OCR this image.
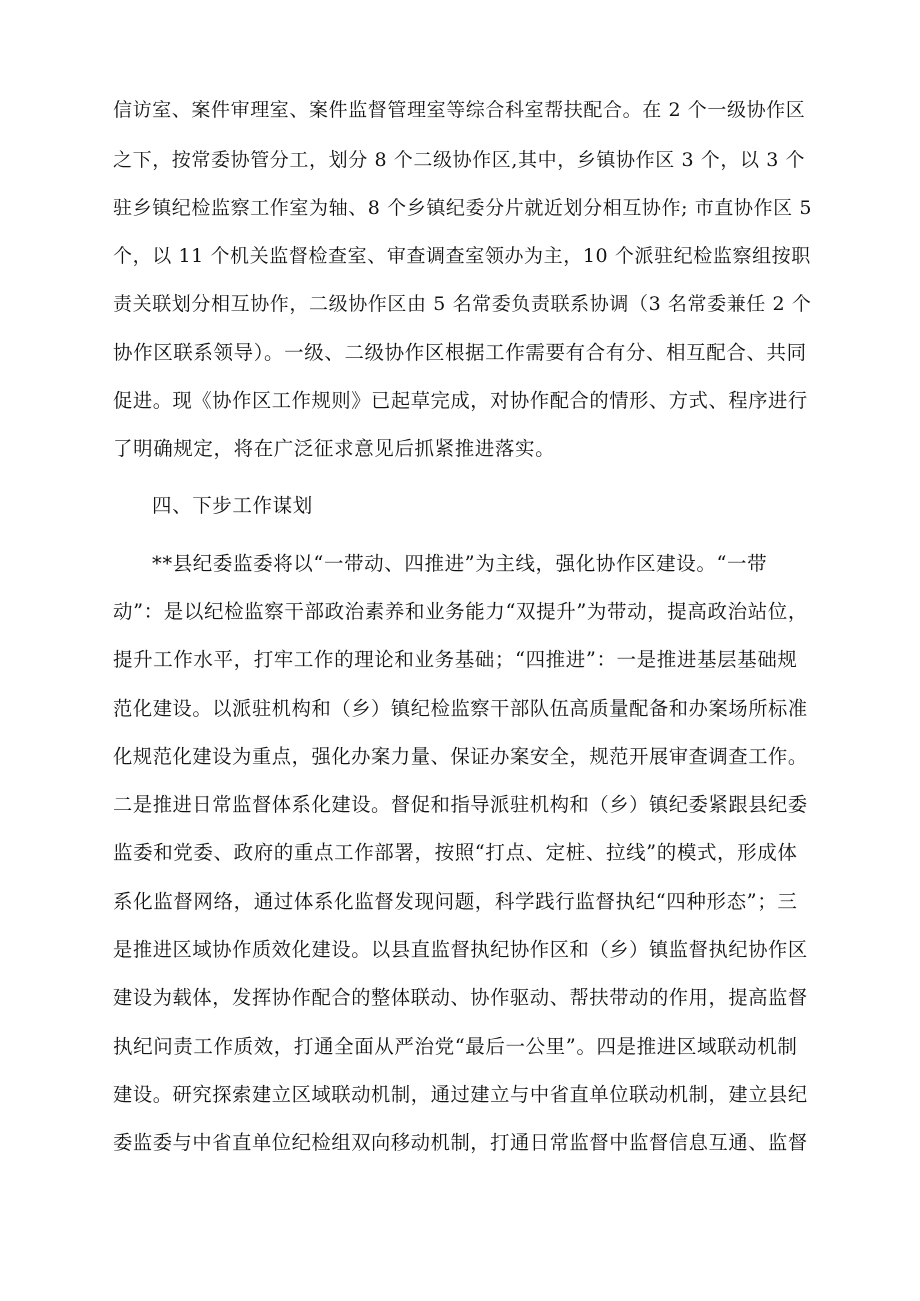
信访室、案件审理室、案件监督管理室等综合科室帮扶配合。在 2 个一级协作区
之下，按常委协管分工，划分 8 个二级协作区,其中，乡镇协作区 3 个，以 3 个
驻乡镇纪检监察工作室为轴、8 个乡镇纪委分片就近划分相互协作; 市直协作区 5
个，以 11 个机关监督检查室、审查调查室领办为主，10 个派驻纪检监察组按职
责关联划分相互协作，二级协作区由 5 名常委负责联系协调（3 名常委兼任 2 个
协作区联系领导）。一级、二级协作区根据工作需要有合有分、相互配合、共同
促进。现《协作区工作规则》已起草完成，对协作配合的情形、方式、程序进行
了明确规定，将在广泛征求意见后抓紧推进落实。
四、下步工作谋划
**县纪委监委将以“一带动、四推进”为主线，强化协作区建设。“一带
动”：是以纪检监察干部政治素养和业务能力“双提升”为带动，提高政治站位，
提升工作水平，打牢工作的理论和业务基础；“四推进”：一是推进基层基础规
范化建设。以派驻机构和（乡）镇纪检监察干部队伍高质量配备和办案场所标准
化规范化建设为重点，强化办案力量、保证办案安全，规范开展审查调查工作。
二是推进日常监督体系化建设。督促和指导派驻机构和（乡）镇纪委紧跟县纪委
监委和党委、政府的重点工作部署，按照“打点、定桩、拉线”的模式，形成体
系化监督网络，通过体系化监督发现问题，科学践行监督执纪“四种形态”；三
是推进区域协作质效化建设。以县直监督执纪协作区和（乡）镇监督执纪协作区
建设为载体，发挥协作配合的整体联动、协作驱动、帮扶带动的作用，提高监督
执纪问责工作质效，打通全面从严治党“最后一公里”。四是推进区域联动机制
建设。研究探索建立区域联动机制，通过建立与中省直单位联动机制，建立县纪
委监委与中省直单位纪检组双向移动机制，打通日常监督中监督信息互通、监督
